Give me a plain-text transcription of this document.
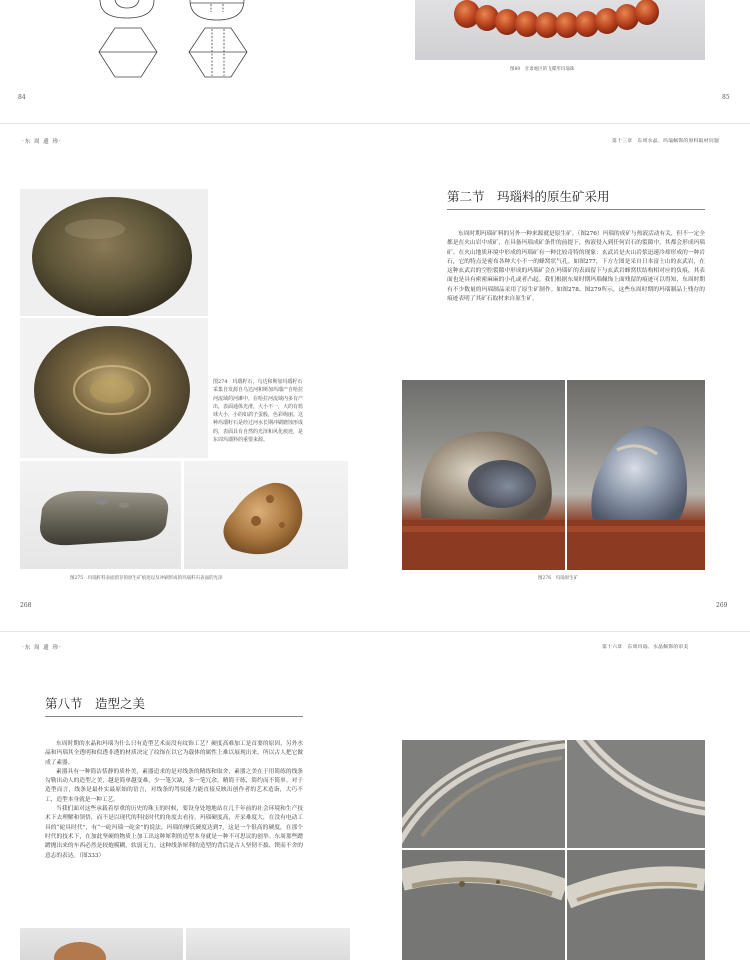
图80　甘肃地区的飞碟形玛瑙珠
84	85
·东 周 遗 珍·	第十三章　东周水晶、玛瑙佩饰的原料取材问题
图274　玛瑙籽石，乌达和斯加玛瑙籽石采集自发源自乌达河和斯加玛瑙产自哈拉河流域的河滩中，在哈拉河流域内多有产出，表面通体光滑，大小不一，大的有篮球大小，小的如鸽子蛋般，色彩绚丽。这种玛瑙籽石是经过河水长期冲刷磨蚀形成的，表面具有自然的光泽和风化痕迹，是东周玛瑙料的重要来源。
图275　玛瑙籽料表面留存的原生矿痕迹以及冲刷形成的玛瑙籽石表面的光泽
第二节　玛瑙料的原生矿采用

东周时期玛瑙矿料的另外一种来源就是原生矿。（图276）玛瑙的成矿与热液活动有关，但不一定全都是在火山岩中成矿，在具备玛瑙成矿条件的前提下，热液侵入到任何岩石的裂隙中，其都会形成玛瑙矿。在火山地质环境中形成的玛瑙矿有一种比较奇特的现象：玄武岩是火山岩浆迅速冷却形成的一种岩石，它的特点是密布各种大小不一的蜂窝状气孔。如图277，下方左图是采自日本富士山的玄武岩，在这种玄武岩的空腔裂隙中形成的玛瑙矿会在玛瑙矿的表面留下与玄武岩蜂窝状结构相对应的负痕，其表面也是具有密密麻麻的小孔或者凸起。我们根据东周时期玛瑙佩饰上面残留的痕迹可以得知，东周时期有不少数量的玛瑙制品采用了原生矿制作。如图278、图279所示，这些东周时期的玛瑙制品上残存的痕迹表明了其矿石取材来自原生矿。

图276　玛瑙原生矿
268	269
·东 周 遗 珍·	第十六章　东周玛瑙、水晶佩饰的审美
第八节　造型之美

东周时期的水晶和玛瑙为什么只有造型艺术而没有纹饰工艺？硬度高难加工是首要的原因，另外水晶和玛瑙其全透明和似透非透的材质决定了纹饰在以它为载体的属性上难以展现出来，所以古人把它做成了素器。

素器具有一种简洁恬静的质朴美，素器追求的是对线条的精练和取舍，素器之美在于用简练的线条勾勒出动人的造型之美，越是简单越变难，少一笔欠缺，多一笔冗余，精简干练，简约而不简单。对于造型而言，线条是最朴实最原始的语言，对线条的驾驭能力能直接反映出创作者的艺术造诣，大巧不工，造型本身就是一种工艺。

当我们面对这些承载着厚重的历史的珠玉的时候，要设身处地地站在几千年前的社会环境和生产技术下去理解和领悟，而不是以现代的科技时代的角度去看待。玛瑙硬度高，开采难度大，在没有电动工具的“砣具时代”，有“一砣玛瑙一砣金”的说法。玛瑙的摩氏硬度达到7，这是一个很高的硬度，在那个时代的技术下，在加此坚硬的物质上加工出这种犀利的造型本身就是一种不可思议的创举。东周那些蹭蹭抛出来的车西必然是较炮模糊，软弱无力，这种线条犀利的造型的背后是古人坚韧不拔、锲而不舍的意志的表达。（图333）
